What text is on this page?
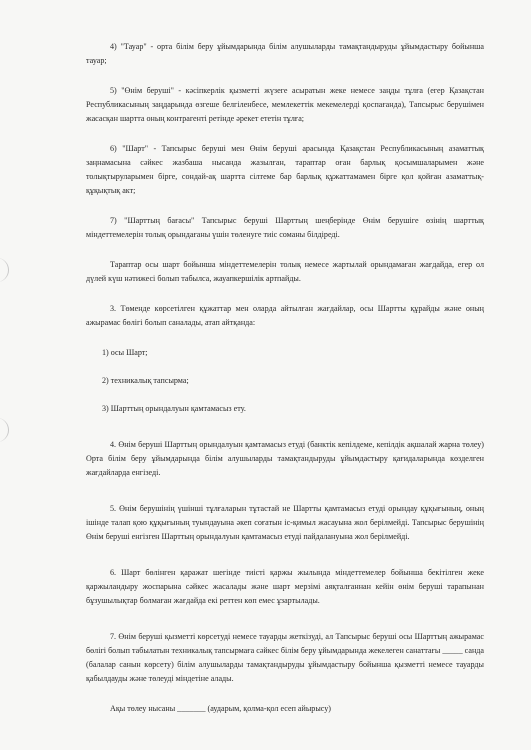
4) "Тауар" - орта білім беру ұйымдарында білім алушыларды тамақтандыруды ұйымдастыру бойынша тауар;

5) "Өнім беруші" - кәсіпкерлік қызметті жүзеге асыратын жеке немесе заңды тұлға (егер Қазақстан Республикасының заңдарында өзгеше белгіленбесе, мемлекеттік мекемелерді қоспағанда), Тапсырыс берушімен жасасқан шартта оның контрагенті ретінде әрекет ететін тұлға;

6) "Шарт" - Тапсырыс беруші мен Өнім беруші арасында Қазақстан Республикасының азаматтық заңнамасына сәйкес жазбаша нысанда жазылған, тараптар оған барлық қосымшаларымен және толықтыруларымен бірге, сондай-ақ шартта сілтеме бар барлық құжаттамамен бірге қол қойған азаматтық-құқықтық акт;

7) "Шарттың бағасы" Тапсырыс беруші Шарттың шеңберінде Өнім берушіге өзінің шарттық міндеттемелерін толық орындағаны үшін төленуге тиіс соманы білдіреді.

Тараптар осы шарт бойынша міндеттемелерін толық немесе жартылай орындамаған жағдайда, егер ол дүлей күш нәтижесі болып табылса, жауапкершілік артпайды.

3. Төменде көрсетілген құжаттар мен оларда айтылған жағдайлар, осы Шартты құрайды және оның ажырамас бөлігі болып саналады, атап айтқанда:

1) осы Шарт;

2) техникалық тапсырма;

3) Шарттың орындалуын қамтамасыз ету.

4. Өнім беруші Шарттың орындалуын қамтамасыз етуді (банктік кепілдеме, кепілдік ақшалай жарна төлеу) Орта білім беру ұйымдарында білім алушыларды тамақтандыруды ұйымдастыру қағидаларында көзделген жағдайларда енгізеді.

5. Өнім берушінің үшінші тұлғаларын тұтастай не Шартты қамтамасыз етуді орындау құқығының, оның ішінде талап қою құқығының туындауына әкеп соғатын іс-қимыл жасауына жол берілмейді. Тапсырыс берушінің Өнім беруші енгізген Шарттың орындалуын қамтамасыз етуді пайдалануына жол берілмейді.

6. Шарт бөлінген қаражат шегінде тиісті қаржы жылында міндеттемелер бойынша бекітілген жеке қаржыландыру жоспарына сәйкес жасалады және шарт мерзімі аяқталғаннан кейін өнім беруші тарапынан бұзушылықтар болмаған жағдайда екі реттен көп емес ұзартылады.

7. Өнім беруші қызметті көрсетуді немесе тауарды жеткізуді, ал Тапсырыс беруші осы Шарттың ажырамас бөлігі болып табылатын техникалық тапсырмаға сәйкес білім беру ұйымдарында жекелеген санаттағы _____ санда (балалар санын көрсету) білім алушыларды тамақтандыруды ұйымдастыру бойынша қызметті немесе тауарды қабылдауды және төлеуді міндетіне алады.

Ақы төлеу нысаны _______ (аударым, қолма-қол есеп айырысу)
